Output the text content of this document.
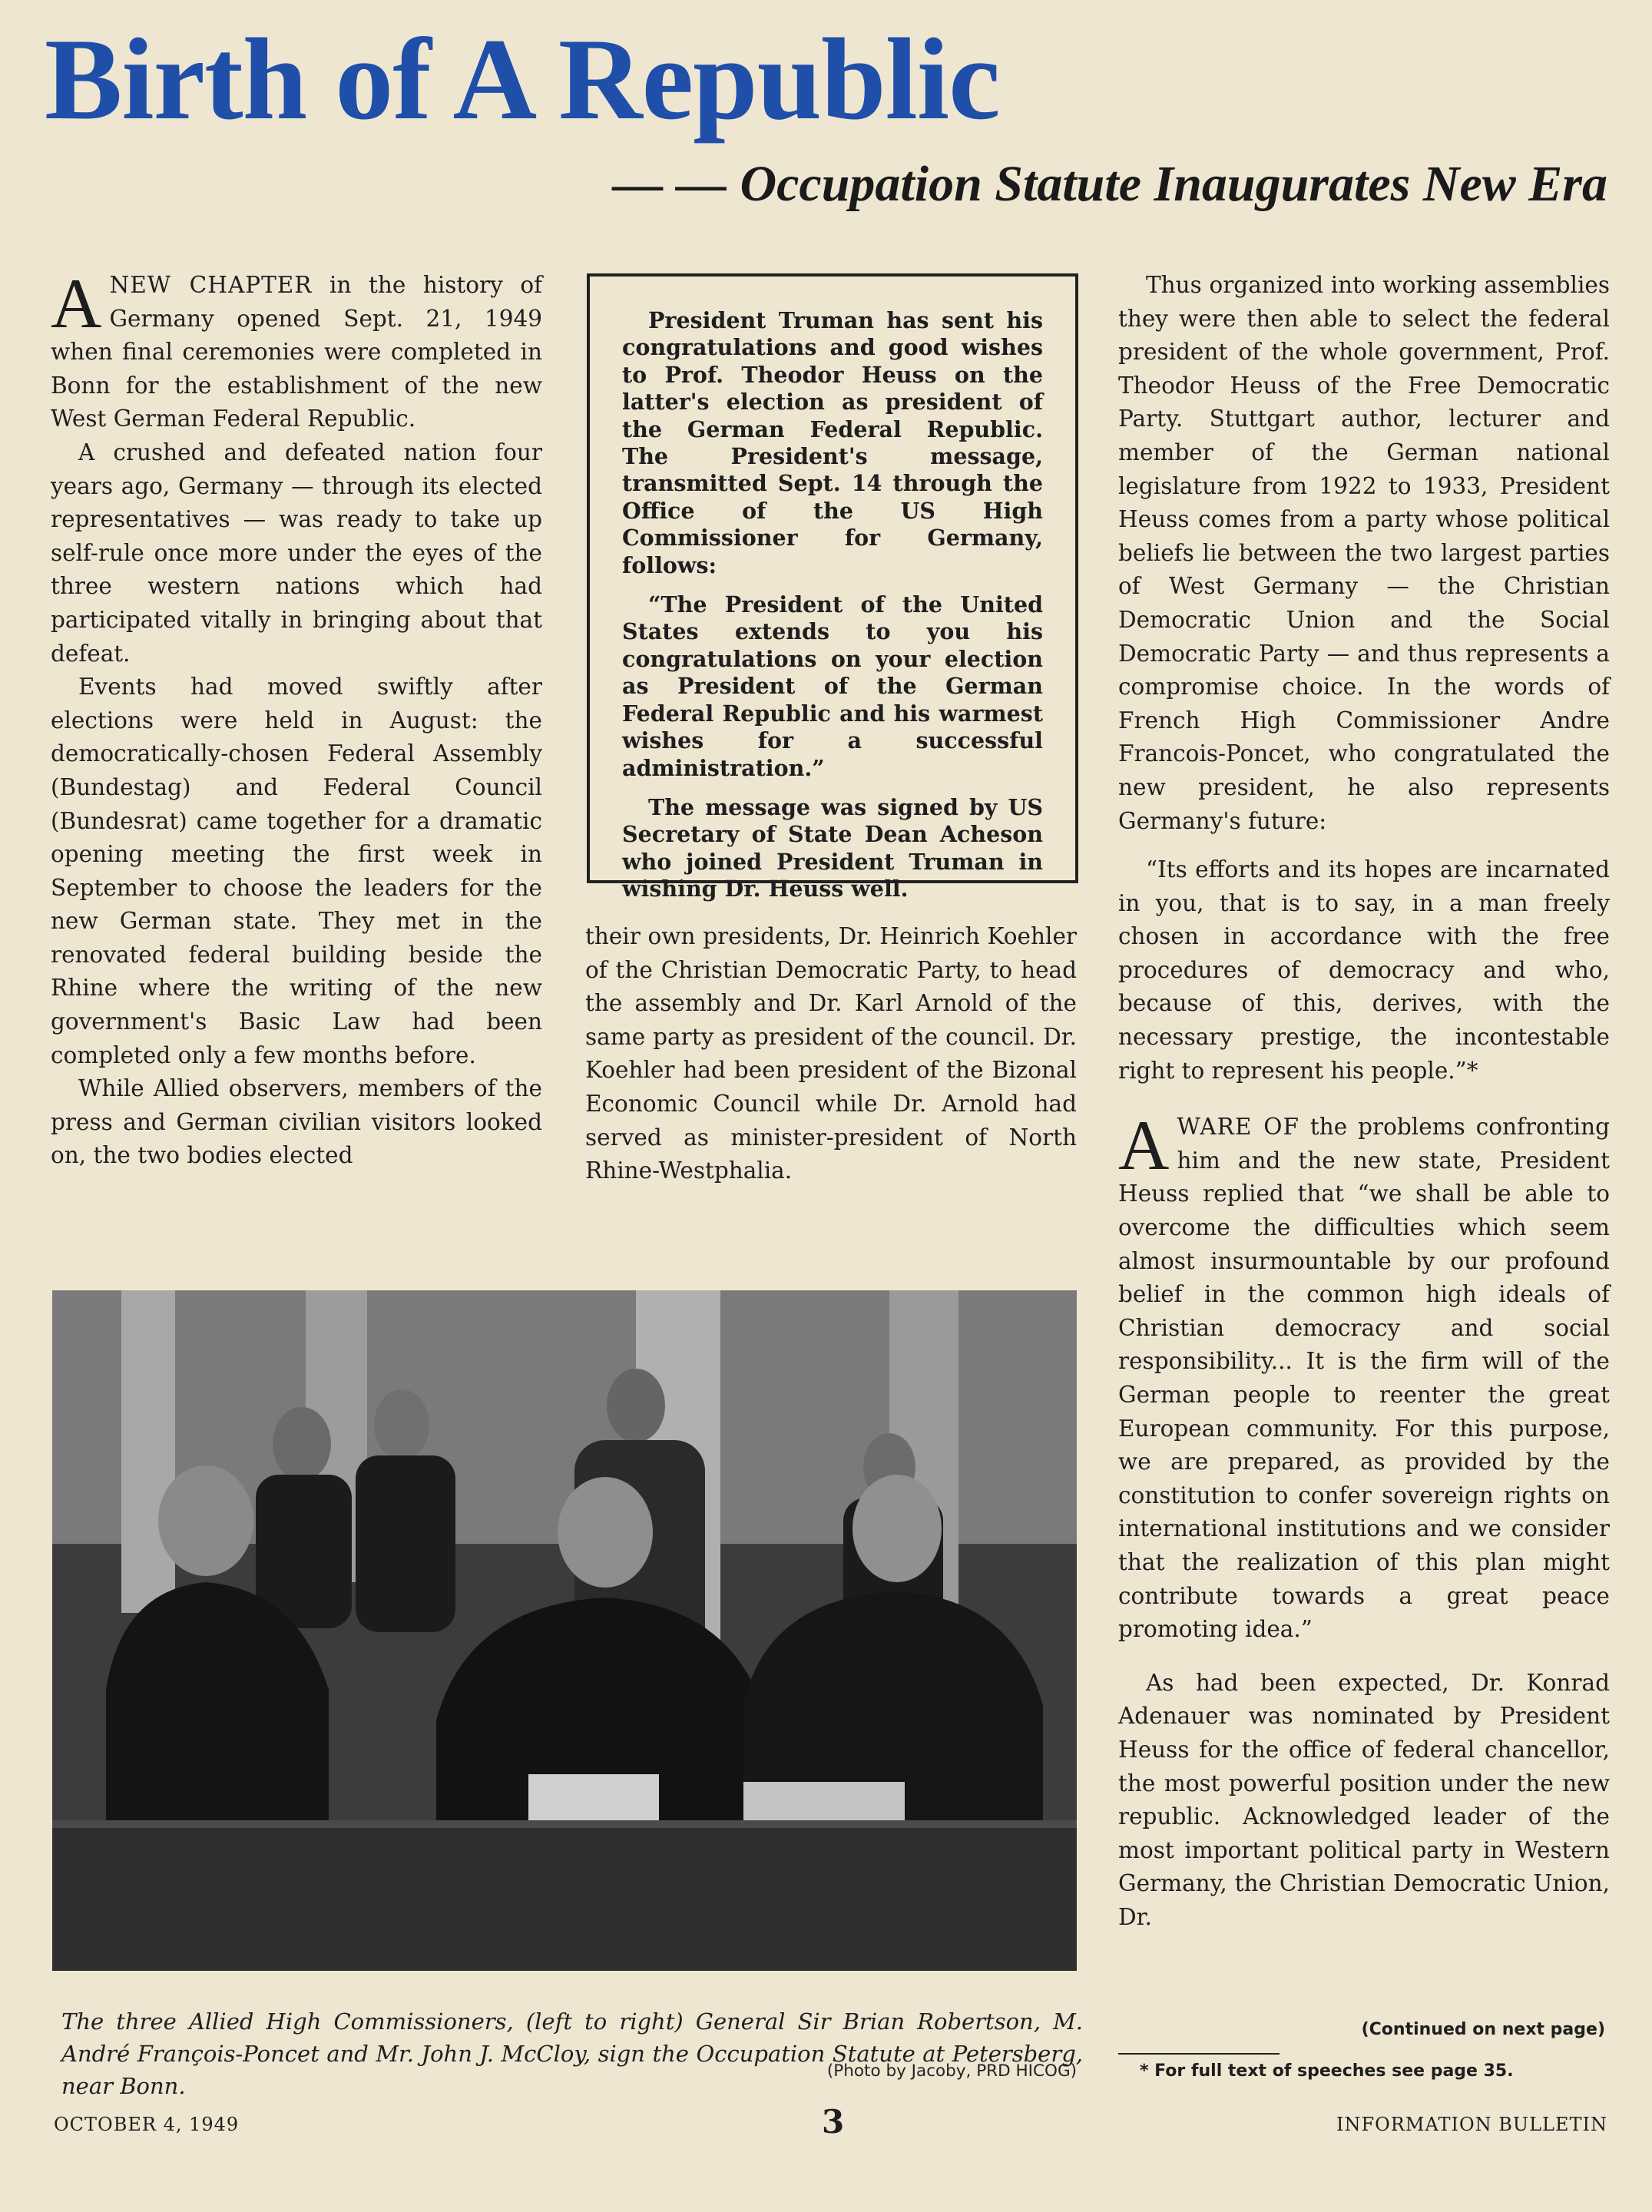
Birth of A Republic
— — Occupation Statute Inaugurates New Era

ANEW CHAPTER in the history of Germany opened Sept. 21, 1949 when final ceremonies were completed in Bonn for the establishment of the new West German Federal Republic.

A crushed and defeated nation four years ago, Germany — through its elected representatives — was ready to take up self-rule once more under the eyes of the three western nations which had participated vitally in bringing about that defeat.

Events had moved swiftly after elections were held in August: the democratically-chosen Federal Assembly (Bundestag) and Federal Council (Bundesrat) came together for a dramatic opening meeting the first week in September to choose the leaders for the new German state. They met in the renovated federal building beside the Rhine where the writing of the new government's Basic Law had been completed only a few months before.

While Allied observers, members of the press and German civilian visitors looked on, the two bodies elected

President Truman has sent his congratulations and good wishes to Prof. Theodor Heuss on the latter's election as president of the German Federal Republic. The President's message, transmitted Sept. 14 through the Office of the US High Commissioner for Germany, follows:

“The President of the United States extends to you his congratulations on your election as President of the German Federal Republic and his warmest wishes for a successful administration.”

The message was signed by US Secretary of State Dean Acheson who joined President Truman in wishing Dr. Heuss well.

their own presidents, Dr. Heinrich Koehler of the Christian Democratic Party, to head the assembly and Dr. Karl Arnold of the same party as president of the council. Dr. Koehler had been president of the Bizonal Economic Council while Dr. Arnold had served as minister-president of North Rhine-Westphalia.

Thus organized into working assemblies they were then able to select the federal president of the whole government, Prof. Theodor Heuss of the Free Democratic Party. Stuttgart author, lecturer and member of the German national legislature from 1922 to 1933, President Heuss comes from a party whose political beliefs lie between the two largest parties of West Germany — the Christian Democratic Union and the Social Democratic Party — and thus represents a compromise choice. In the words of French High Commissioner Andre Francois-Poncet, who congratulated the new president, he also represents Germany's future:

“Its efforts and its hopes are incarnated in you, that is to say, in a man freely chosen in accordance with the free procedures of democracy and who, because of this, derives, with the necessary prestige, the incontestable right to represent his people.”*

AWARE OF the problems confronting him and the new state, President Heuss replied that “we shall be able to overcome the difficulties which seem almost insurmountable by our profound belief in the common high ideals of Christian democracy and social responsibility... It is the firm will of the German people to reenter the great European community. For this purpose, we are prepared, as provided by the constitution to confer sovereign rights on international institutions and we consider that the realization of this plan might contribute towards a great peace promoting idea.”

As had been expected, Dr. Konrad Adenauer was nominated by President Heuss for the office of federal chancellor, the most powerful position under the new republic. Acknowledged leader of the most important political party in Western Germany, the Christian Democratic Union, Dr.

The three Allied High Commissioners, (left to right) General Sir Brian Robertson, M. André François-Poncet and Mr. John J. McCloy, sign the Occupation Statute at Petersberg, near Bonn.

(Photo by Jacoby, PRD HICOG)
(Continued on next page)
* For full text of speeches see page 35.
OCTOBER 4, 1949	3	INFORMATION BULLETIN
